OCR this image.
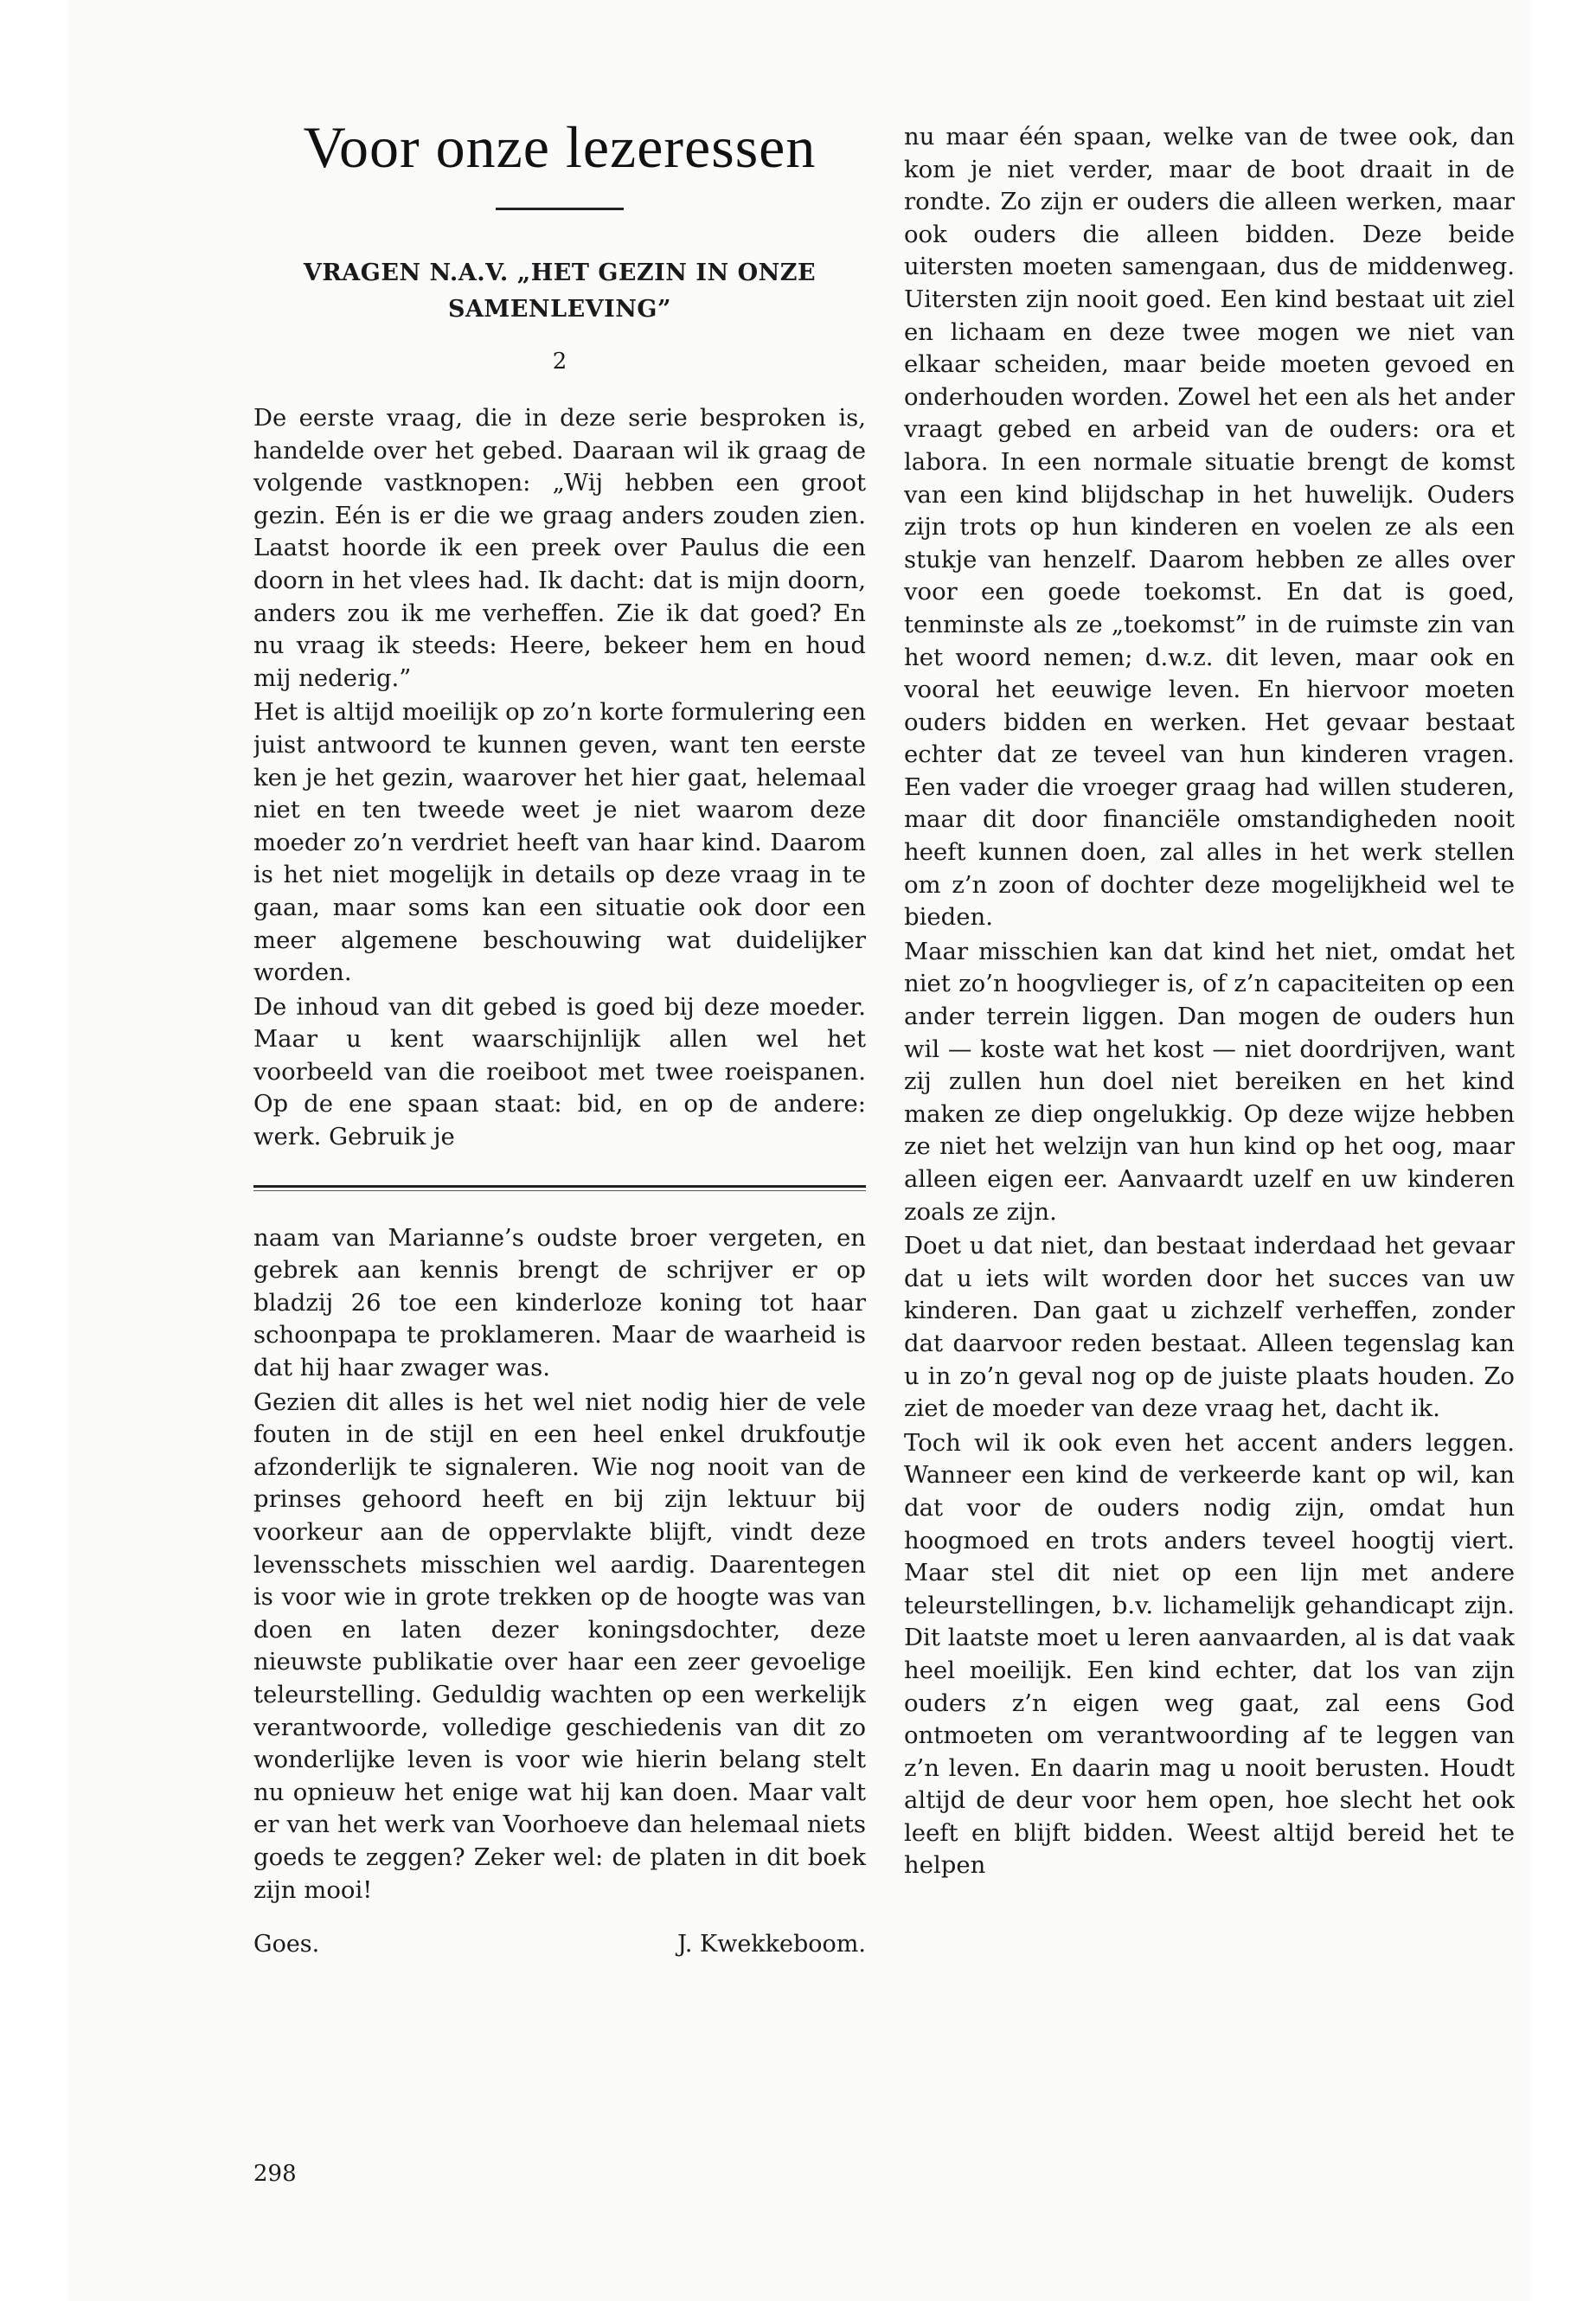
Voor onze lezeressen

VRAGEN N.A.V. „HET GEZIN IN ONZE SAMENLEVING”

2

De eerste vraag, die in deze serie besproken is, handelde over het gebed. Daaraan wil ik graag de volgende vastknopen: „Wij hebben een groot gezin. Eén is er die we graag anders zouden zien. Laatst hoorde ik een preek over Paulus die een doorn in het vlees had. Ik dacht: dat is mijn doorn, anders zou ik me verheffen. Zie ik dat goed? En nu vraag ik steeds: Heere, bekeer hem en houd mij nederig.”

Het is altijd moeilijk op zo’n korte formulering een juist antwoord te kunnen geven, want ten eerste ken je het gezin, waarover het hier gaat, helemaal niet en ten tweede weet je niet waarom deze moeder zo’n verdriet heeft van haar kind. Daarom is het niet mogelijk in details op deze vraag in te gaan, maar soms kan een situatie ook door een meer algemene beschouwing wat duidelijker worden.

De inhoud van dit gebed is goed bij deze moeder. Maar u kent waarschijnlijk allen wel het voorbeeld van die roeiboot met twee roeispanen. Op de ene spaan staat: bid, en op de andere: werk. Gebruik je

naam van Marianne’s oudste broer vergeten, en gebrek aan kennis brengt de schrijver er op bladzij 26 toe een kinderloze koning tot haar schoonpapa te proklameren. Maar de waarheid is dat hij haar zwager was.

Gezien dit alles is het wel niet nodig hier de vele fouten in de stijl en een heel enkel drukfoutje afzonderlijk te signaleren. Wie nog nooit van de prinses gehoord heeft en bij zijn lektuur bij voorkeur aan de oppervlakte blijft, vindt deze levensschets misschien wel aardig. Daarentegen is voor wie in grote trekken op de hoogte was van doen en laten dezer koningsdochter, deze nieuwste publikatie over haar een zeer gevoelige teleurstelling. Geduldig wachten op een werkelijk verantwoorde, volledige geschiedenis van dit zo wonderlijke leven is voor wie hierin belang stelt nu opnieuw het enige wat hij kan doen. Maar valt er van het werk van Voorhoeve dan helemaal niets goeds te zeggen? Zeker wel: de platen in dit boek zijn mooi!

Goes.	J. Kwekkeboom.

nu maar één spaan, welke van de twee ook, dan kom je niet verder, maar de boot draait in de rondte. Zo zijn er ouders die alleen werken, maar ook ouders die alleen bidden. Deze beide uitersten moeten samengaan, dus de middenweg. Uitersten zijn nooit goed. Een kind bestaat uit ziel en lichaam en deze twee mogen we niet van elkaar scheiden, maar beide moeten gevoed en onderhouden worden. Zowel het een als het ander vraagt gebed en arbeid van de ouders: ora et labora. In een normale situatie brengt de komst van een kind blijdschap in het huwelijk. Ouders zijn trots op hun kinderen en voelen ze als een stukje van henzelf. Daarom hebben ze alles over voor een goede toekomst. En dat is goed, tenminste als ze „toekomst” in de ruimste zin van het woord nemen; d.w.z. dit leven, maar ook en vooral het eeuwige leven. En hiervoor moeten ouders bidden en werken. Het gevaar bestaat echter dat ze teveel van hun kinderen vragen. Een vader die vroeger graag had willen studeren, maar dit door financiële omstandigheden nooit heeft kunnen doen, zal alles in het werk stellen om z’n zoon of dochter deze mogelijkheid wel te bieden.

Maar misschien kan dat kind het niet, omdat het niet zo’n hoogvlieger is, of z’n capaciteiten op een ander terrein liggen. Dan mogen de ouders hun wil — koste wat het kost — niet doordrijven, want zij zullen hun doel niet bereiken en het kind maken ze diep ongelukkig. Op deze wijze hebben ze niet het welzijn van hun kind op het oog, maar alleen eigen eer. Aanvaardt uzelf en uw kinderen zoals ze zijn.

Doet u dat niet, dan bestaat inderdaad het gevaar dat u iets wilt worden door het succes van uw kinderen. Dan gaat u zichzelf verheffen, zonder dat daarvoor reden bestaat. Alleen tegenslag kan u in zo’n geval nog op de juiste plaats houden. Zo ziet de moeder van deze vraag het, dacht ik.

Toch wil ik ook even het accent anders leggen. Wanneer een kind de verkeerde kant op wil, kan dat voor de ouders nodig zijn, omdat hun hoogmoed en trots anders teveel hoogtij viert. Maar stel dit niet op een lijn met andere teleurstellingen, b.v. lichamelijk gehandicapt zijn. Dit laatste moet u leren aanvaarden, al is dat vaak heel moeilijk. Een kind echter, dat los van zijn ouders z’n eigen weg gaat, zal eens God ontmoeten om verantwoording af te leggen van z’n leven. En daarin mag u nooit berusten. Houdt altijd de deur voor hem open, hoe slecht het ook leeft en blijft bidden. Weest altijd bereid het te helpen

298
